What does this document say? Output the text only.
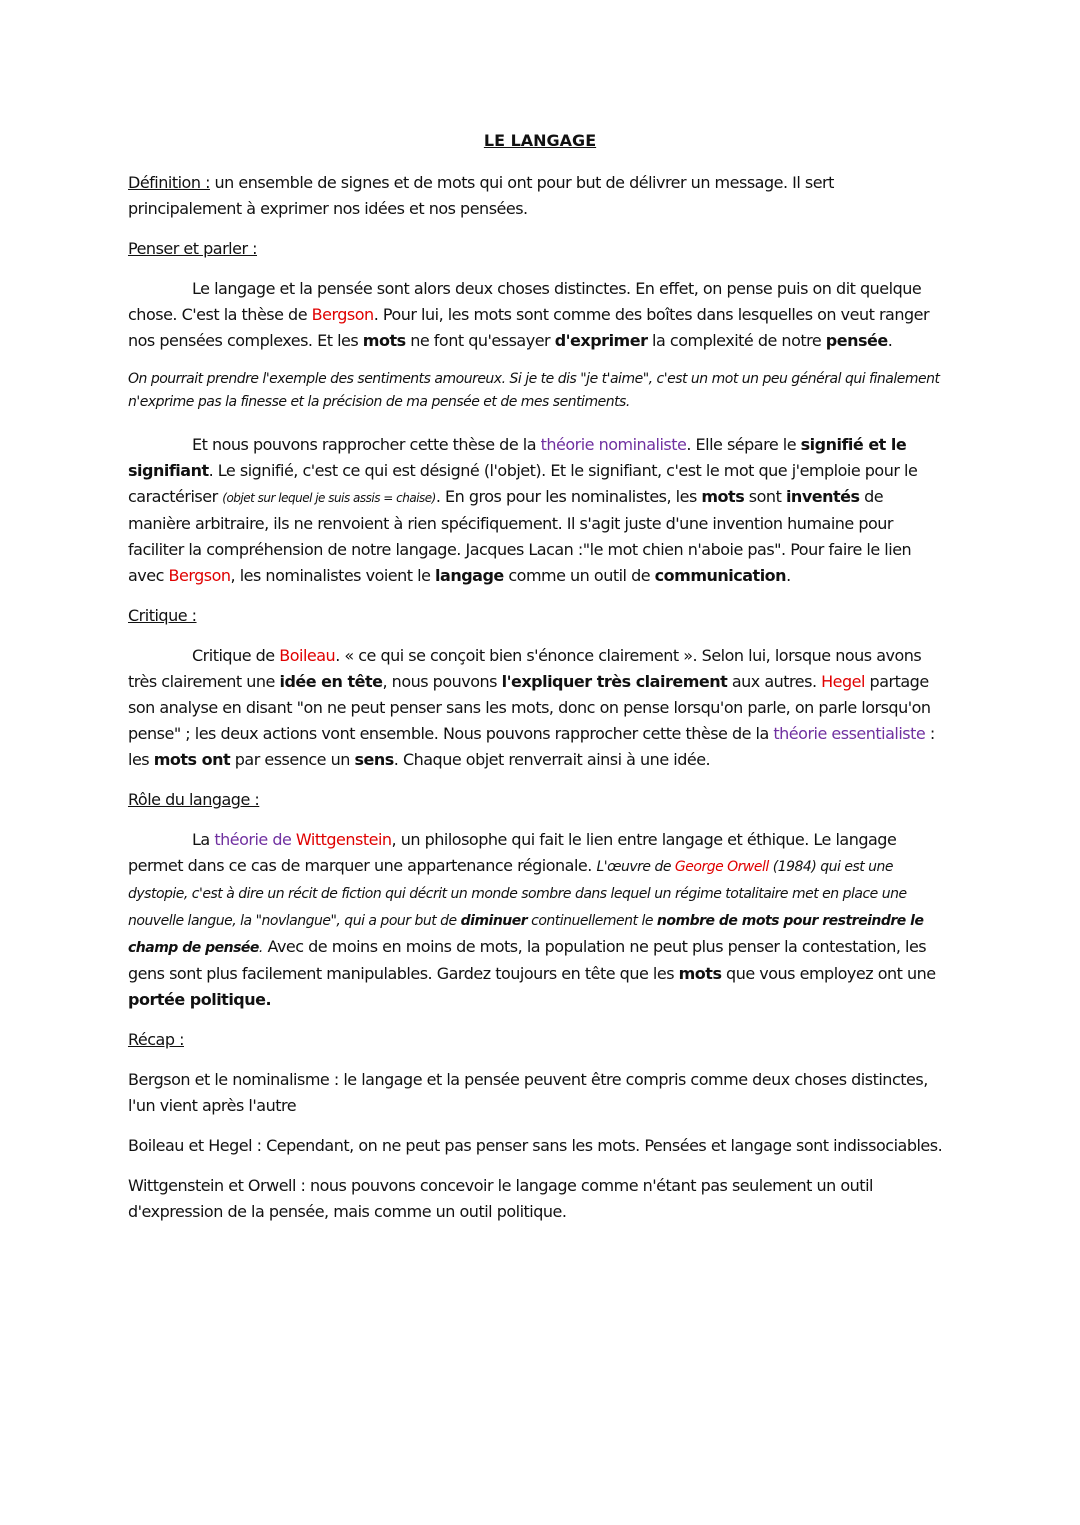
LE LANGAGE

Définition : un ensemble de signes et de mots qui ont pour but de délivrer un message. Il sert principalement à exprimer nos idées et nos pensées.

Penser et parler :

Le langage et la pensée sont alors deux choses distinctes. En effet, on pense puis on dit quelque chose. C'est la thèse de Bergson. Pour lui, les mots sont comme des boîtes dans lesquelles on veut ranger nos pensées complexes. Et les mots ne font qu'essayer d'exprimer la complexité de notre pensée.

On pourrait prendre l'exemple des sentiments amoureux. Si je te dis "je t'aime", c'est un mot un peu général qui finalement n'exprime pas la finesse et la précision de ma pensée et de mes sentiments.

Et nous pouvons rapprocher cette thèse de la théorie nominaliste. Elle sépare le signifié et le signifiant. Le signifié, c'est ce qui est désigné (l'objet). Et le signifiant, c'est le mot que j'emploie pour le caractériser (objet sur lequel je suis assis = chaise). En gros pour les nominalistes, les mots sont inventés de manière arbitraire, ils ne renvoient à rien spécifiquement. Il s'agit juste d'une invention humaine pour faciliter la compréhension de notre langage. Jacques Lacan :"le mot chien n'aboie pas". Pour faire le lien avec Bergson, les nominalistes voient le langage comme un outil de communication.

Critique :

Critique de Boileau. « ce qui se conçoit bien s'énonce clairement ». Selon lui, lorsque nous avons très clairement une idée en tête, nous pouvons l'expliquer très clairement aux autres. Hegel partage son analyse en disant "on ne peut penser sans les mots, donc on pense lorsqu'on parle, on parle lorsqu'on pense" ; les deux actions vont ensemble. Nous pouvons rapprocher cette thèse de la théorie essentialiste : les mots ont par essence un sens. Chaque objet renverrait ainsi à une idée.

Rôle du langage :

La théorie de Wittgenstein, un philosophe qui fait le lien entre langage et éthique. Le langage permet dans ce cas de marquer une appartenance régionale. L'œuvre de George Orwell (1984) qui est une dystopie, c'est à dire un récit de fiction qui décrit un monde sombre dans lequel un régime totalitaire met en place une nouvelle langue, la "novlangue", qui a pour but de diminuer continuellement le nombre de mots pour restreindre le champ de pensée. Avec de moins en moins de mots, la population ne peut plus penser la contestation, les gens sont plus facilement manipulables. Gardez toujours en tête que les mots que vous employez ont une portée politique.

Récap :

Bergson et le nominalisme : le langage et la pensée peuvent être compris comme deux choses distinctes, l'un vient après l'autre

Boileau et Hegel : Cependant, on ne peut pas penser sans les mots. Pensées et langage sont indissociables.

Wittgenstein et Orwell : nous pouvons concevoir le langage comme n'étant pas seulement un outil d'expression de la pensée, mais comme un outil politique.
